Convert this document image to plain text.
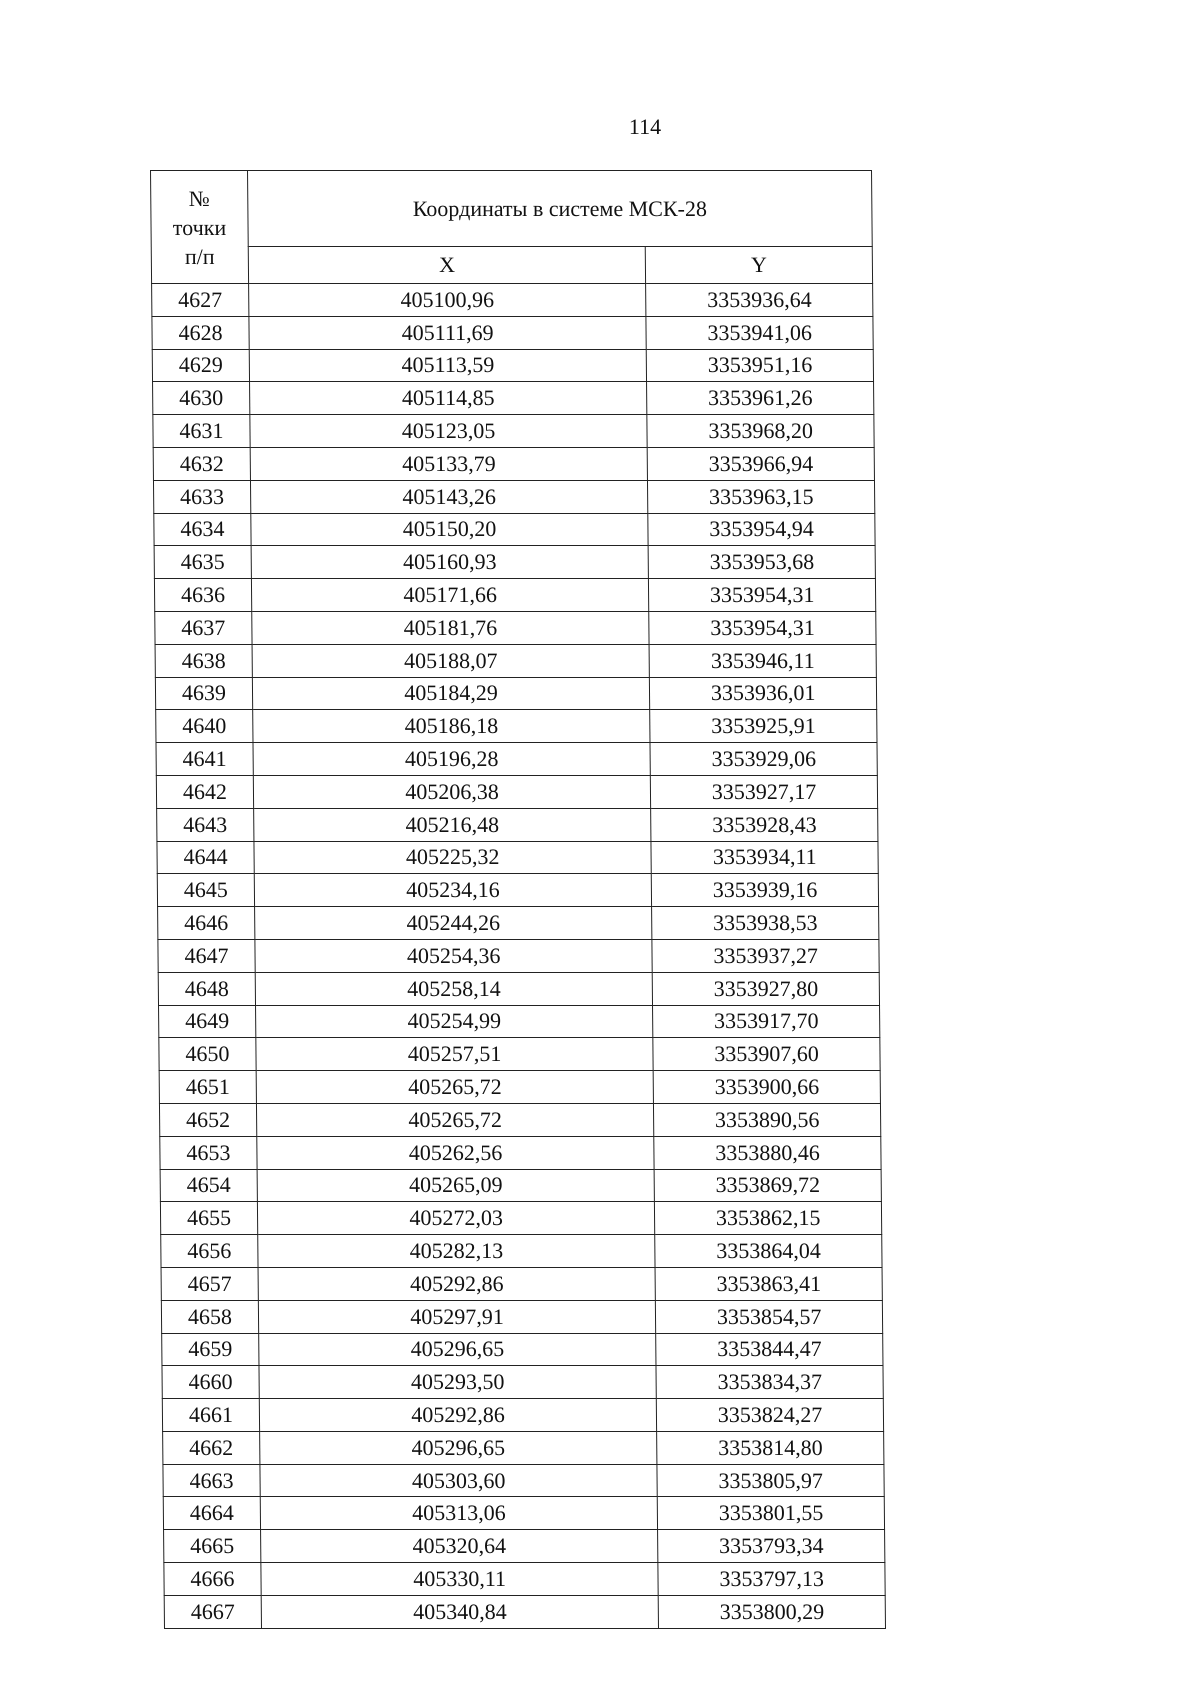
114
№
точки
п/п	Координаты в системе МСК-28	
	X	Y
4627	405100,96	3353936,64
4628	405111,69	3353941,06
4629	405113,59	3353951,16
4630	405114,85	3353961,26
4631	405123,05	3353968,20
4632	405133,79	3353966,94
4633	405143,26	3353963,15
4634	405150,20	3353954,94
4635	405160,93	3353953,68
4636	405171,66	3353954,31
4637	405181,76	3353954,31
4638	405188,07	3353946,11
4639	405184,29	3353936,01
4640	405186,18	3353925,91
4641	405196,28	3353929,06
4642	405206,38	3353927,17
4643	405216,48	3353928,43
4644	405225,32	3353934,11
4645	405234,16	3353939,16
4646	405244,26	3353938,53
4647	405254,36	3353937,27
4648	405258,14	3353927,80
4649	405254,99	3353917,70
4650	405257,51	3353907,60
4651	405265,72	3353900,66
4652	405265,72	3353890,56
4653	405262,56	3353880,46
4654	405265,09	3353869,72
4655	405272,03	3353862,15
4656	405282,13	3353864,04
4657	405292,86	3353863,41
4658	405297,91	3353854,57
4659	405296,65	3353844,47
4660	405293,50	3353834,37
4661	405292,86	3353824,27
4662	405296,65	3353814,80
4663	405303,60	3353805,97
4664	405313,06	3353801,55
4665	405320,64	3353793,34
4666	405330,11	3353797,13
4667	405340,84	3353800,29
